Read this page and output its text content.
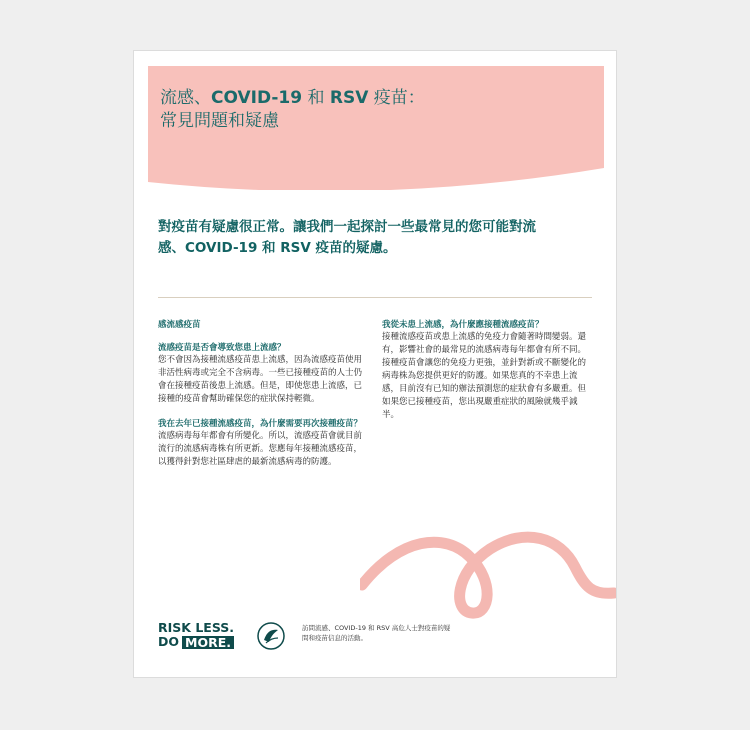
流感、COVID-19 和 RSV 疫苗：
常見問題和疑慮

對疫苗有疑慮很正常。讓我們一起探討一些最常見的您可能對流感、COVID-19 和 RSV 疫苗的疑慮。

感流感疫苗

流感疫苗是否會導致您患上流感？

您不會因為接種流感疫苗患上流感，因為流感疫苗使用非活性病毒或完全不含病毒。一些已接種疫苗的人士仍會在接種疫苗後患上流感。但是，即使您患上流感，已接種的疫苗會幫助確保您的症狀保持輕微。

我在去年已接種流感疫苗，為什麼需要再次接種疫苗？

流感病毒每年都會有所變化。所以，流感疫苗會就目前流行的流感病毒株有所更新。您應每年接種流感疫苗，以獲得針對您社區肆虐的最新流感病毒的防護。

我從未患上流感，為什麼應接種流感疫苗？

接種流感疫苗或患上流感的免疫力會隨著時間變弱。還有，影響社會的最常見的流感病毒每年都會有所不同。接種疫苗會讓您的免疫力更強，並針對新或不斷變化的病毒株為您提供更好的防護。如果您真的不幸患上流感，目前沒有已知的辦法預測您的症狀會有多嚴重。但如果您已接種疫苗，您出現嚴重症狀的風險就幾乎減半。

RISK LESS.
DO MORE.

訪問流感、COVID-19 和 RSV 高危人士對疫苗的疑問和疫苗信息的活動。
